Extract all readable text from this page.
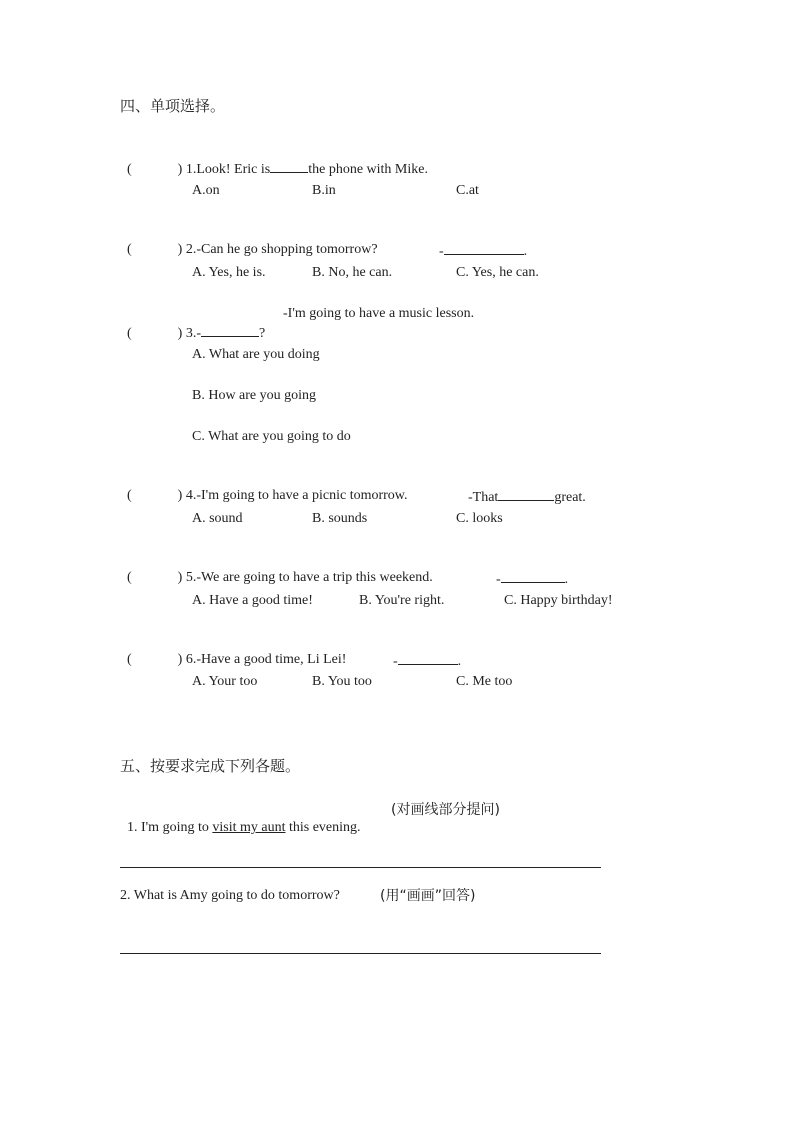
四、单项选择。

(	) 1.Look! Eric is	the phone with Mike.

A.on	B.in	C.at

(	) 2.-Can he go shopping tomorrow?	-	.

A. Yes, he is.	B. No, he can.	C. Yes, he can.

(	) 3.-	?

-I'm going to have a music lesson.
A. What are you doing
B. How are you going
C. What are you going to do

(	) 4.-I'm going to have a picnic tomorrow.	-That	great.

A. sound	B. sounds	C. looks

(	) 5.-We are going to have a trip this weekend.	-	.

A. Have a good time!	B. You're right.	C. Happy birthday!

(	) 6.-Have a good time, Li Lei!	-	.

A. Your too	B. You too	C. Me too
五、按要求完成下列各题。

1. I'm going to visit my aunt this evening.

(对画线部分提问)
2. What is Amy going to do tomorrow?	(用“画画”回答)
